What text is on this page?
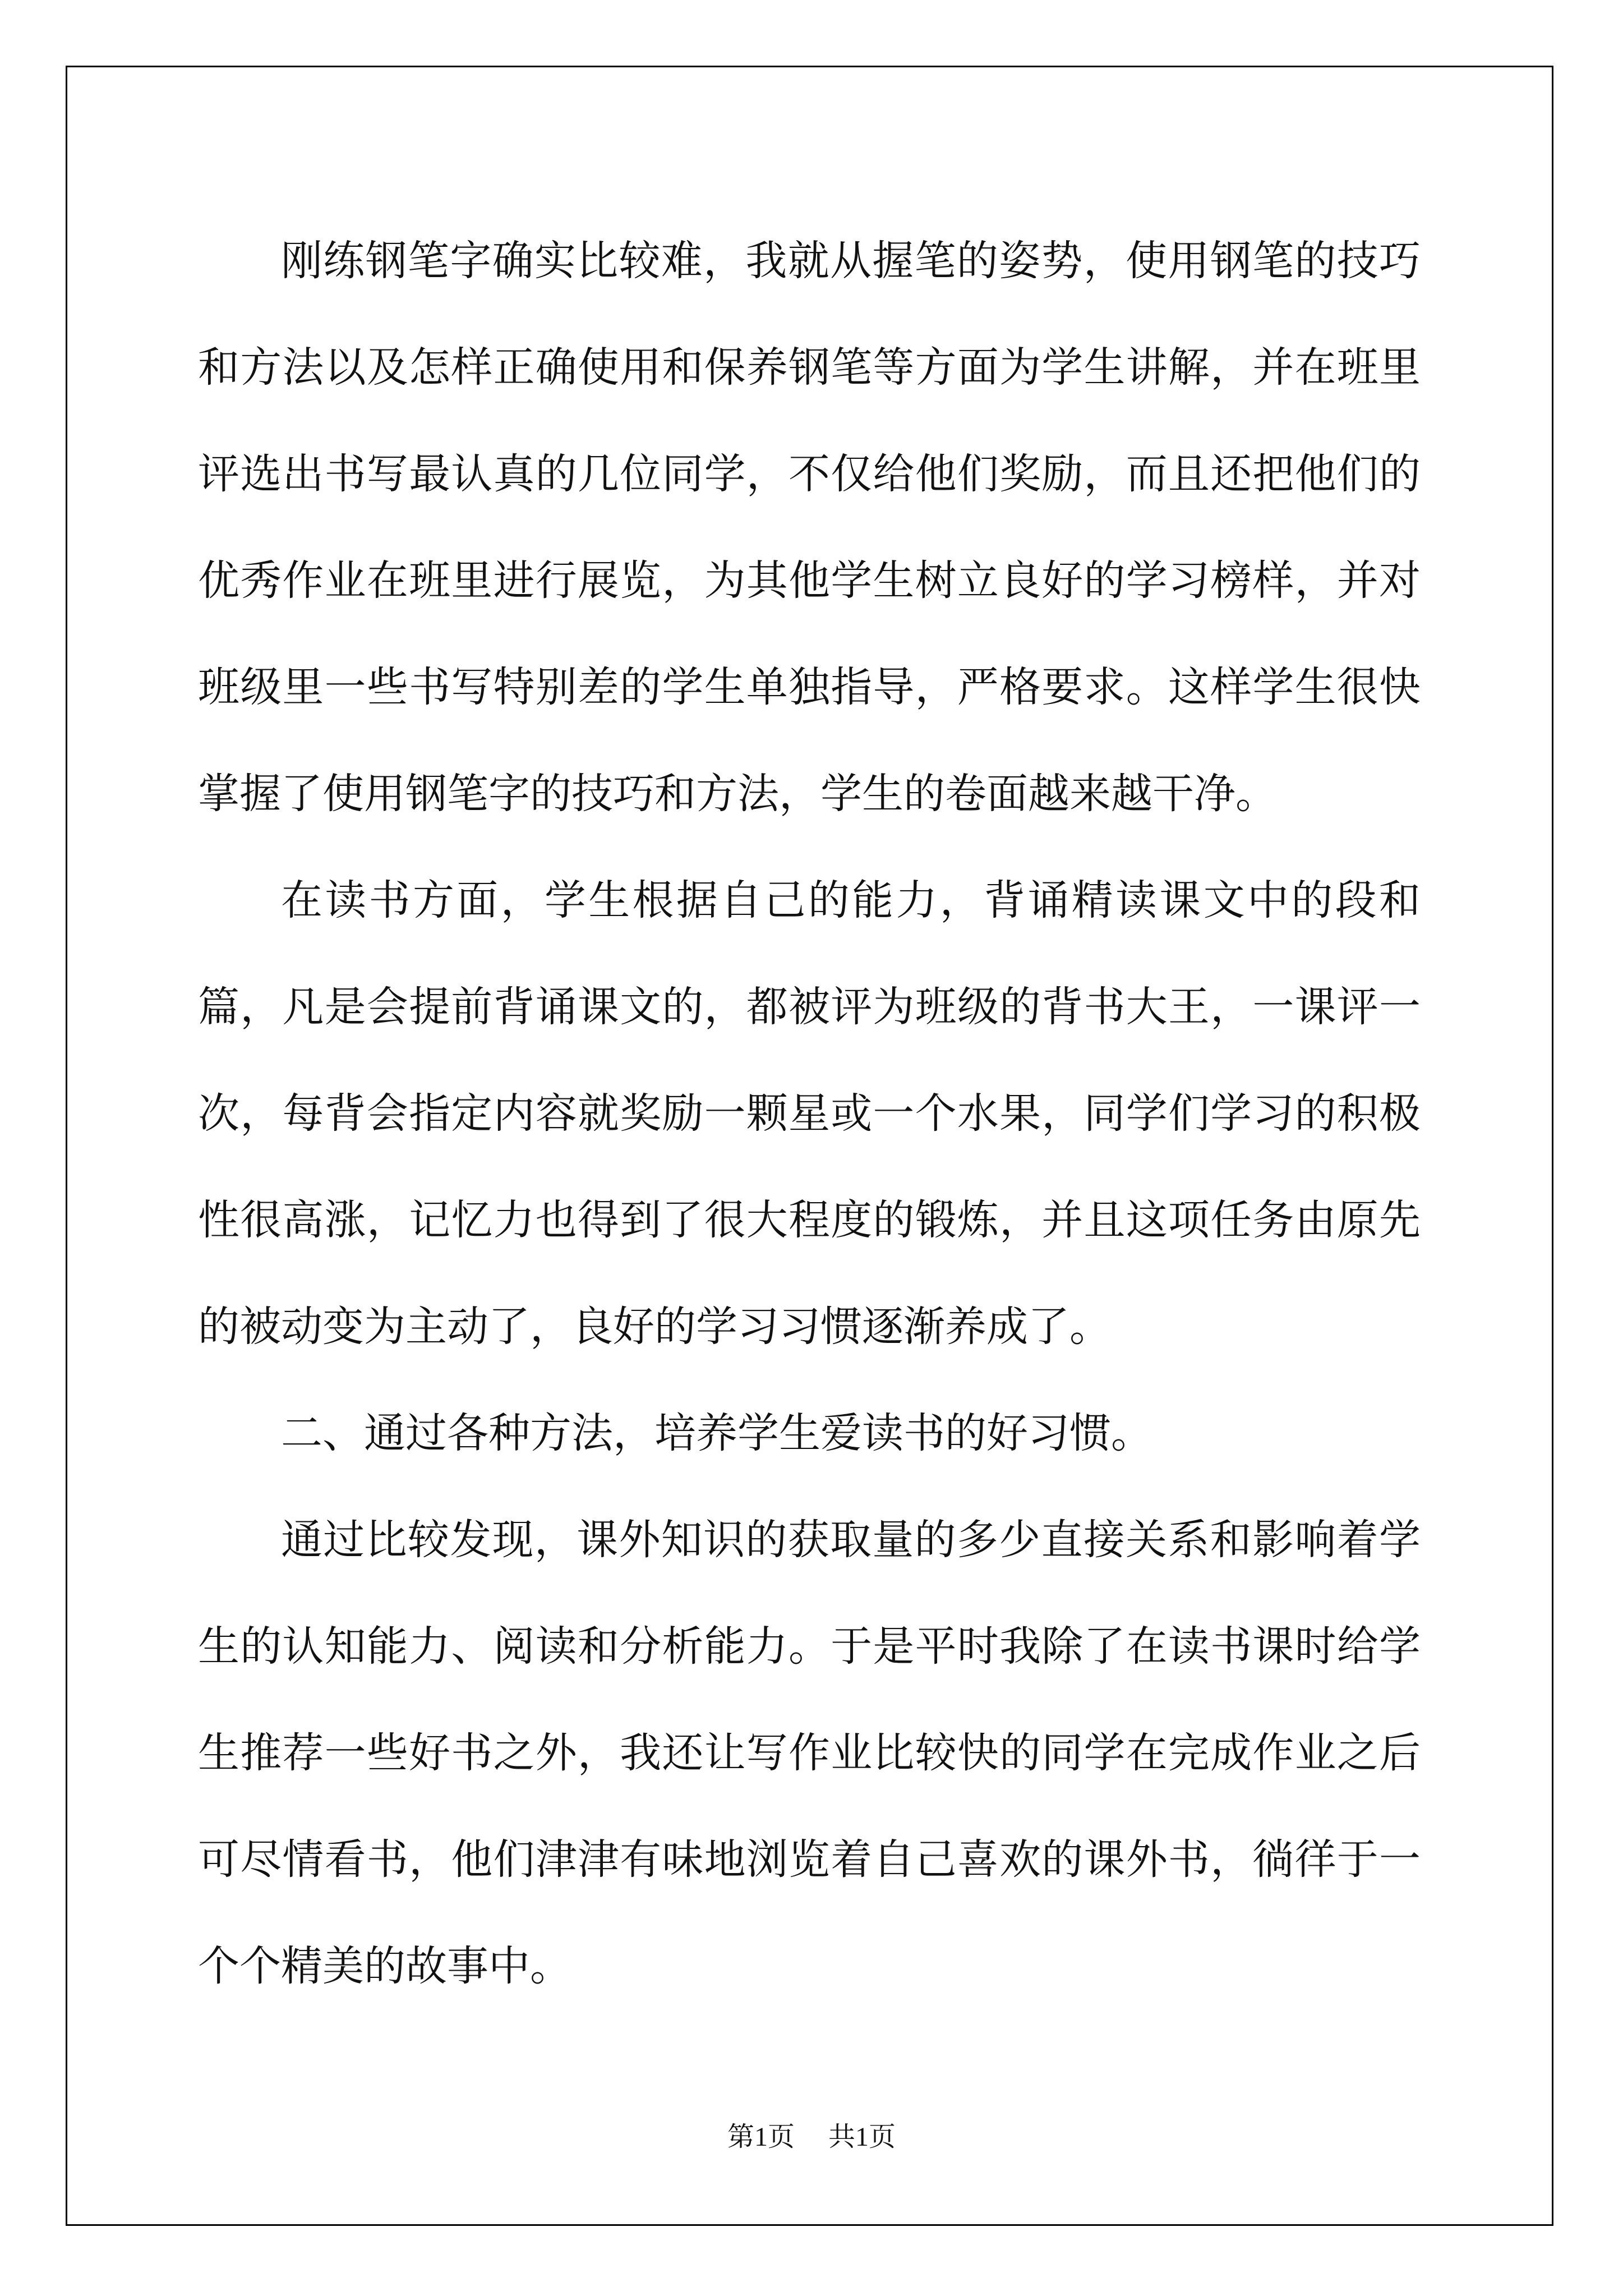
刚练钢笔字确实比较难，我就从握笔的姿势，使用钢笔的技巧和方法以及怎样正确使用和保养钢笔等方面为学生讲解，并在班里评选出书写最认真的几位同学，不仅给他们奖励，而且还把他们的优秀作业在班里进行展览，为其他学生树立良好的学习榜样，并对班级里一些书写特别差的学生单独指导，严格要求。这样学生很快掌握了使用钢笔字的技巧和方法，学生的卷面越来越干净。

在读书方面，学生根据自己的能力，背诵精读课文中的段和篇，凡是会提前背诵课文的，都被评为班级的背书大王，一课评一次，每背会指定内容就奖励一颗星或一个水果，同学们学习的积极性很高涨，记忆力也得到了很大程度的锻炼，并且这项任务由原先的被动变为主动了，良好的学习习惯逐渐养成了。

二、通过各种方法，培养学生爱读书的好习惯。

通过比较发现，课外知识的获取量的多少直接关系和影响着学生的认知能力、阅读和分析能力。于是平时我除了在读书课时给学生推荐一些好书之外，我还让写作业比较快的同学在完成作业之后可尽情看书，他们津津有味地浏览着自己喜欢的课外书，徜徉于一个个精美的故事中。

第1页 共1页
